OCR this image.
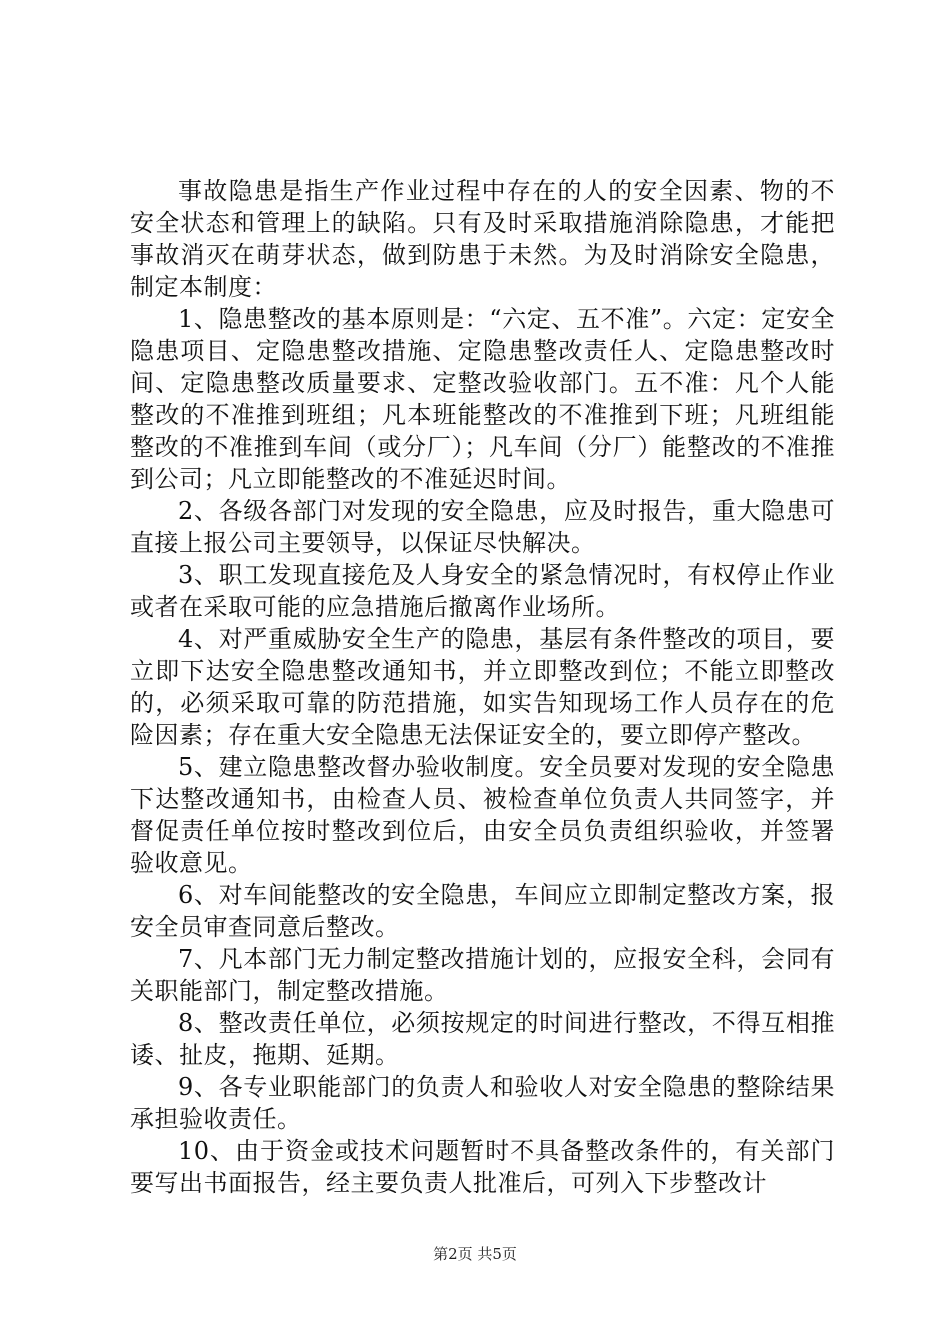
事故隐患是指生产作业过程中存在的人的安全因素、物的不安全状态和管理上的缺陷。只有及时采取措施消除隐患，才能把事故消灭在萌芽状态，做到防患于未然。为及时消除安全隐患，制定本制度：

1、隐患整改的基本原则是：“六定、五不准”。六定：定安全隐患项目、定隐患整改措施、定隐患整改责任人、定隐患整改时间、定隐患整改质量要求、定整改验收部门。五不准：凡个人能整改的不准推到班组；凡本班能整改的不准推到下班；凡班组能整改的不准推到车间（或分厂）；凡车间（分厂）能整改的不准推到公司；凡立即能整改的不准延迟时间。

2、各级各部门对发现的安全隐患，应及时报告，重大隐患可直接上报公司主要领导，以保证尽快解决。

3、职工发现直接危及人身安全的紧急情况时，有权停止作业或者在采取可能的应急措施后撤离作业场所。

4、对严重威胁安全生产的隐患，基层有条件整改的项目，要立即下达安全隐患整改通知书，并立即整改到位；不能立即整改的，必须采取可靠的防范措施，如实告知现场工作人员存在的危险因素；存在重大安全隐患无法保证安全的，要立即停产整改。

5、建立隐患整改督办验收制度。安全员要对发现的安全隐患下达整改通知书，由检查人员、被检查单位负责人共同签字，并督促责任单位按时整改到位后，由安全员负责组织验收，并签署验收意见。

6、对车间能整改的安全隐患，车间应立即制定整改方案，报安全员审查同意后整改。

7、凡本部门无力制定整改措施计划的，应报安全科，会同有关职能部门，制定整改措施。

8、整改责任单位，必须按规定的时间进行整改，不得互相推诿、扯皮，拖期、延期。

9、各专业职能部门的负责人和验收人对安全隐患的整除结果承担验收责任。

10、由于资金或技术问题暂时不具备整改条件的，有关部门要写出书面报告，经主要负责人批准后，可列入下步整改计

第2页 共5页
